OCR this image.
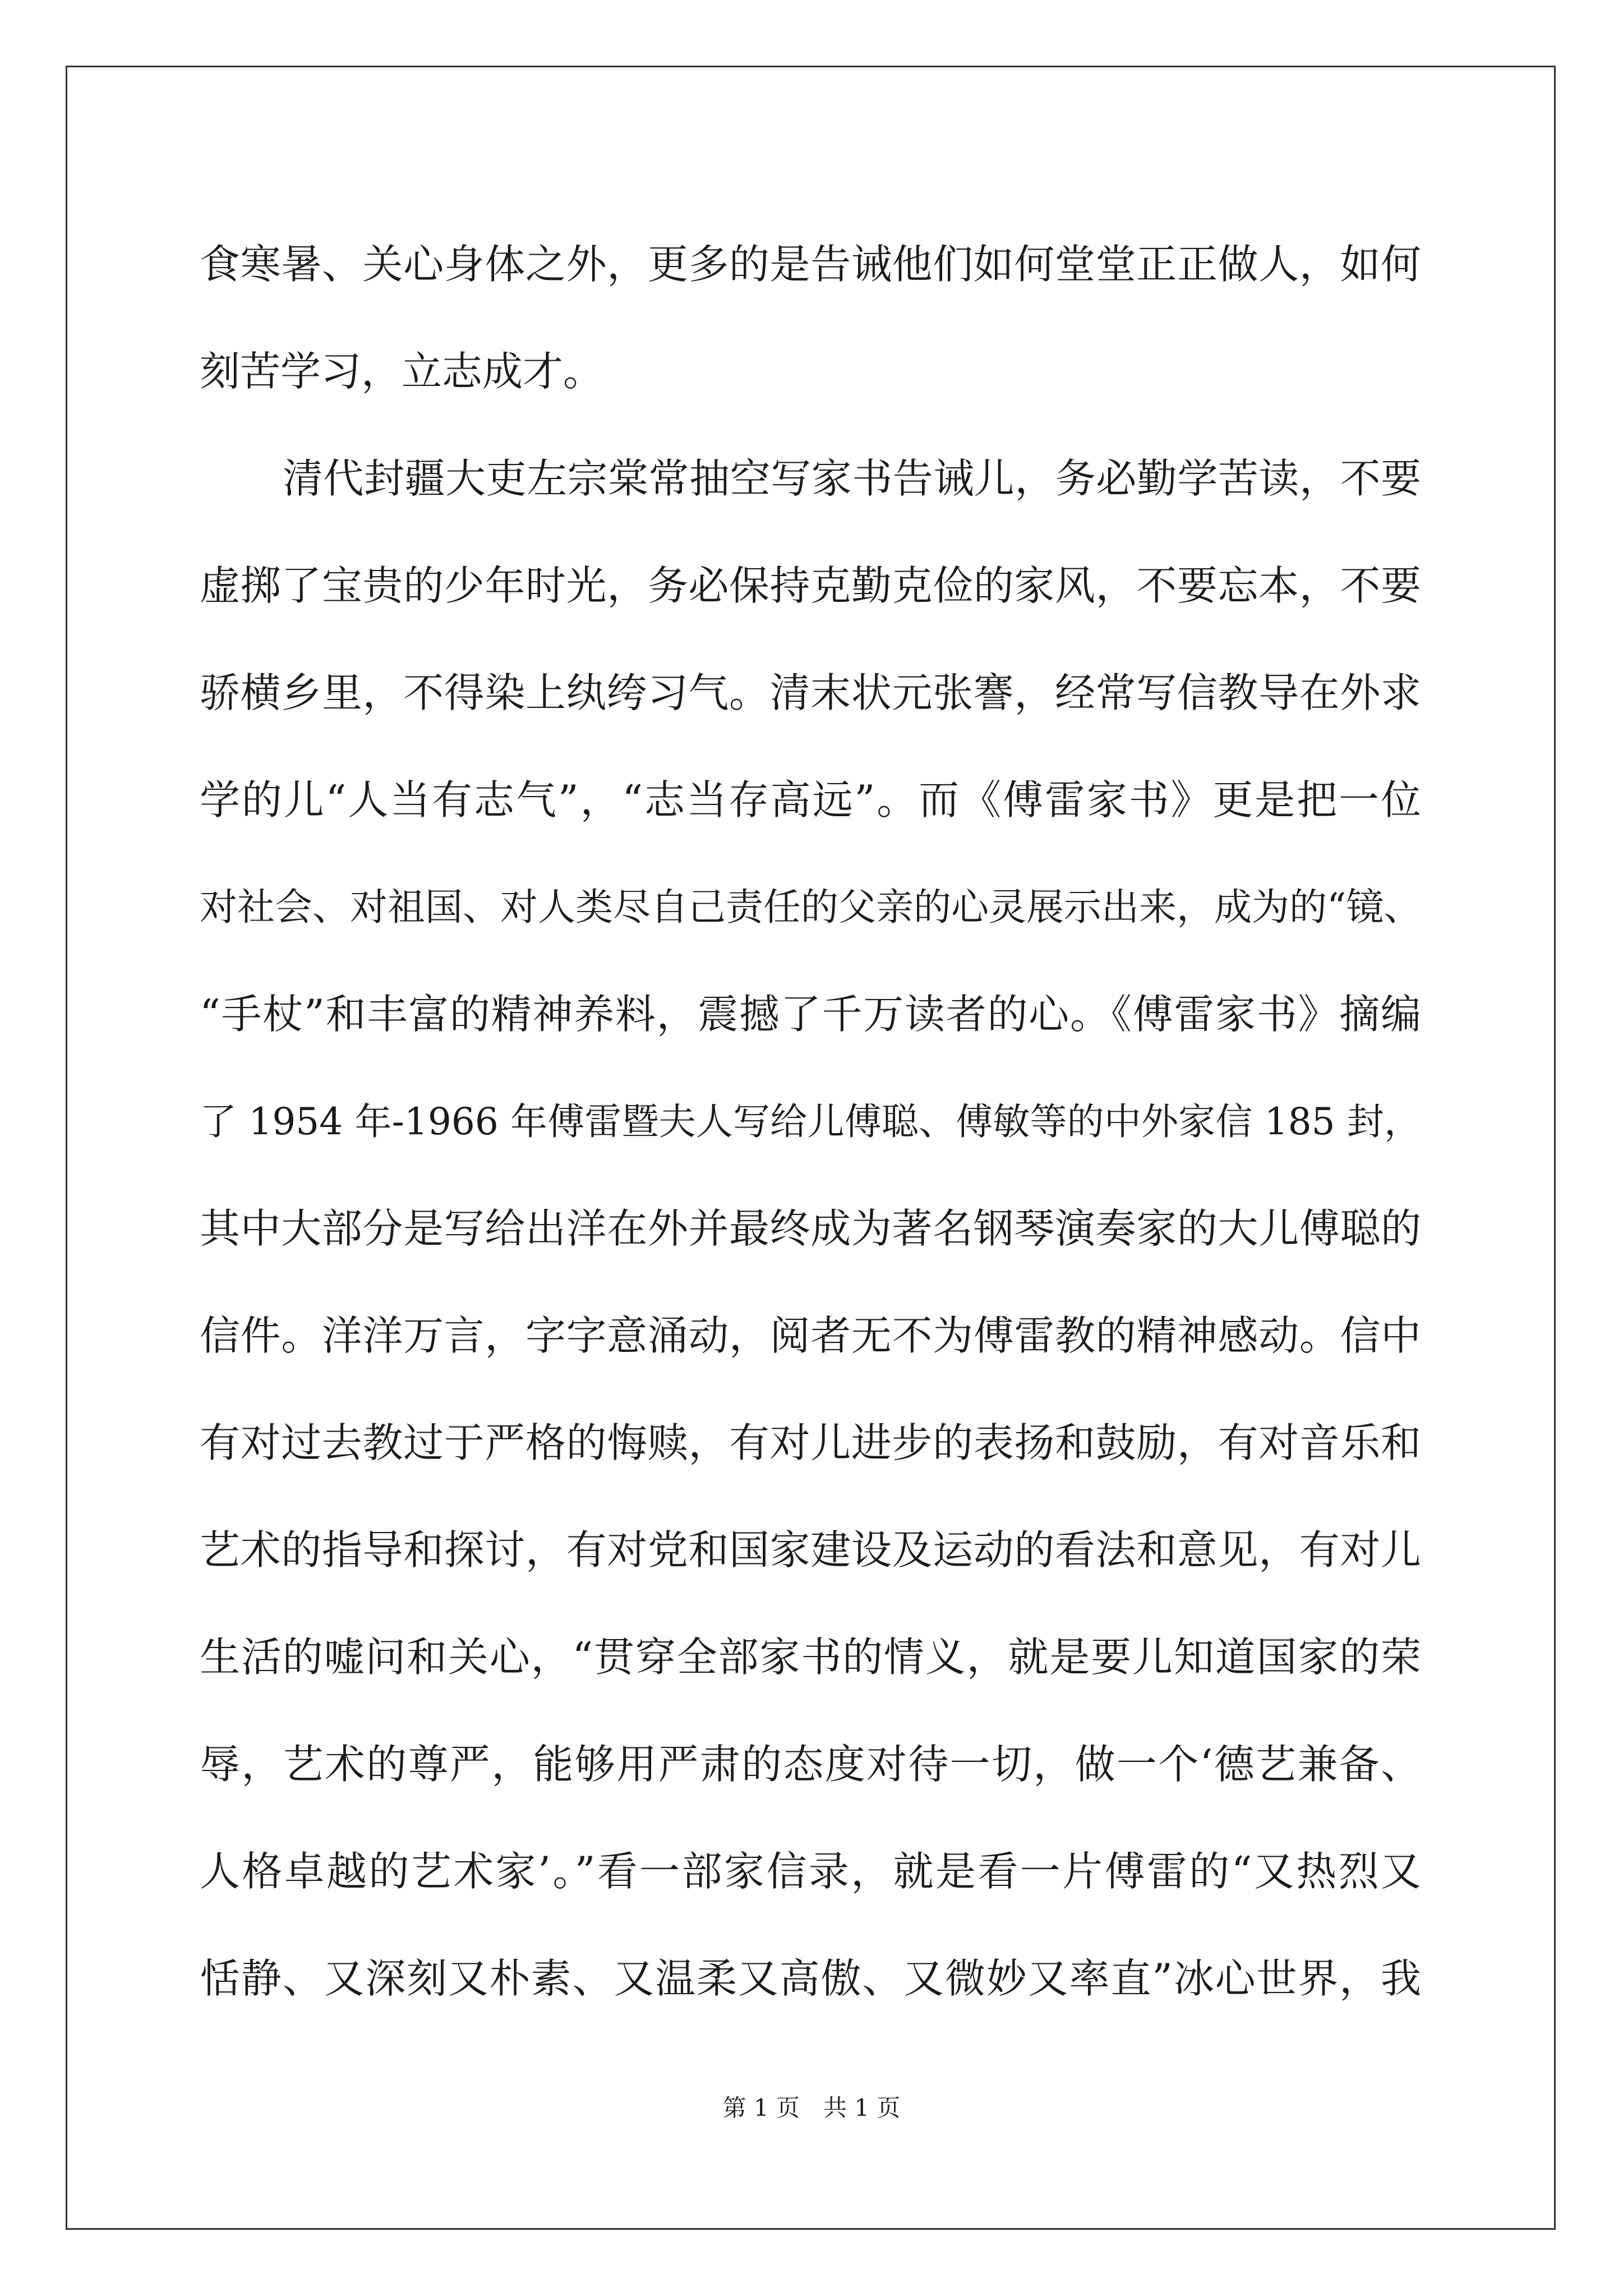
食寒暑、关心身体之外，更多的是告诫他们如何堂堂正正做人，如何
刻苦学习，立志成才。
清代封疆大吏左宗棠常抽空写家书告诫儿，务必勤学苦读，不要
虚掷了宝贵的少年时光，务必保持克勤克俭的家风，不要忘本，不要
骄横乡里，不得染上纨绔习气。清末状元张謇，经常写信教导在外求
学的儿“人当有志气”，“志当存高远”。而《傅雷家书》更是把一位
对社会、对祖国、对人类尽自己责任的父亲的心灵展示出来，成为的“镜、
“手杖”和丰富的精神养料，震撼了千万读者的心。《傅雷家书》摘编
了 1954 年-1966 年傅雷暨夫人写给儿傅聪、傅敏等的中外家信 185 封，
其中大部分是写给出洋在外并最终成为著名钢琴演奏家的大儿傅聪的
信件。洋洋万言，字字意涌动，阅者无不为傅雷教的精神感动。信中
有对过去教过于严格的悔赎，有对儿进步的表扬和鼓励，有对音乐和
艺术的指导和探讨，有对党和国家建设及运动的看法和意见，有对儿
生活的嘘问和关心，“贯穿全部家书的情义，就是要儿知道国家的荣
辱，艺术的尊严，能够用严肃的态度对待一切，做一个‘德艺兼备、
人格卓越的艺术家’。”看一部家信录，就是看一片傅雷的“又热烈又
恬静、又深刻又朴素、又温柔又高傲、又微妙又率直”冰心世界，我
第 1 页　共 1 页
